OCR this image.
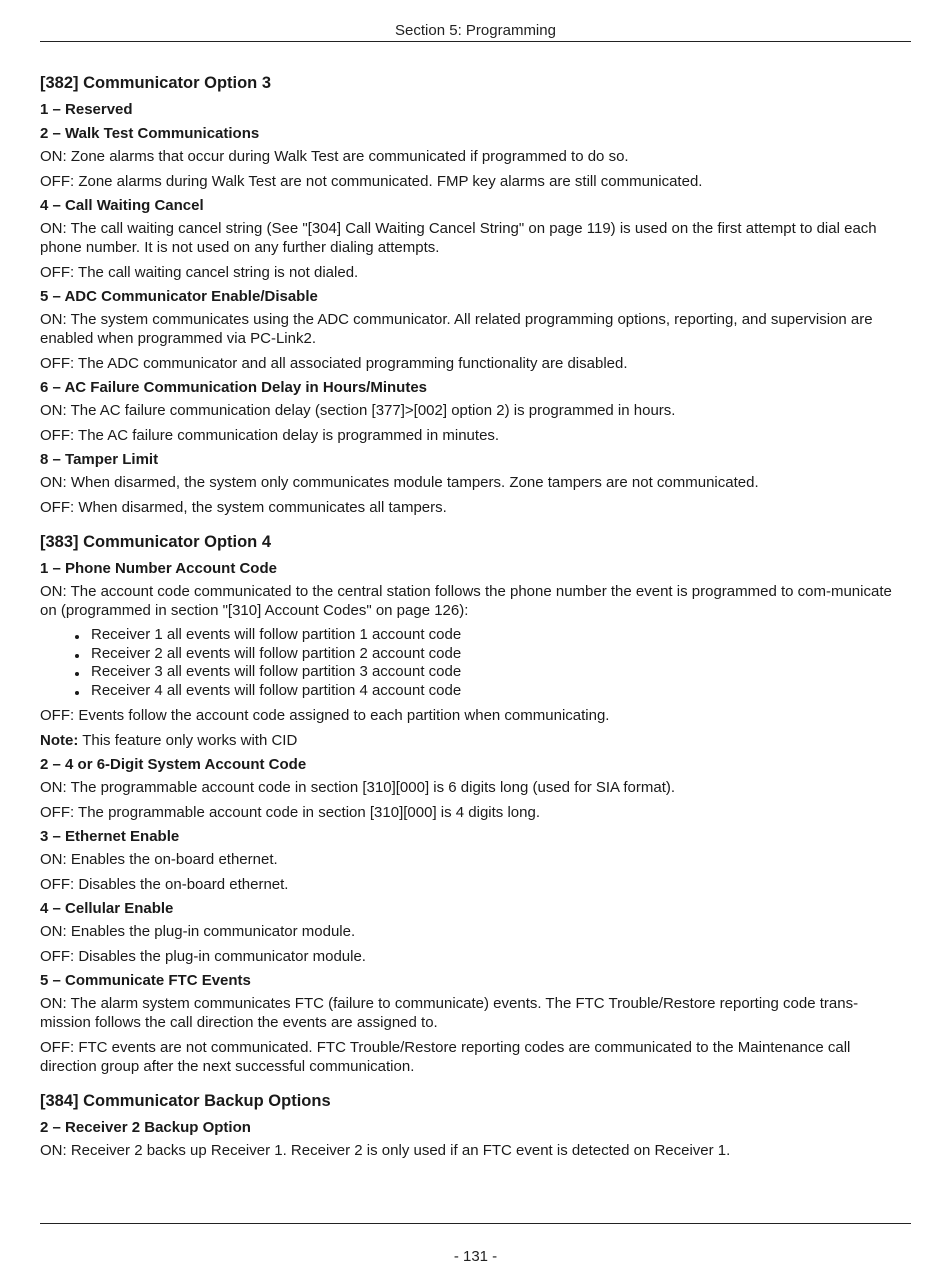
Section 5: Programming
[382] Communicator Option 3
1 – Reserved
2 – Walk Test Communications

ON: Zone alarms that occur during Walk Test are communicated if programmed to do so.

OFF: Zone alarms during Walk Test are not communicated. FMP key alarms are still communicated.

4 – Call Waiting Cancel

ON: The call waiting cancel string (See "[304] Call Waiting Cancel String" on page 119) is used on the first attempt to dial each phone number. It is not used on any further dialing attempts.

OFF: The call waiting cancel string is not dialed.

5 – ADC Communicator Enable/Disable

ON: The system communicates using the ADC communicator. All related programming options, reporting, and supervision are enabled when programmed via PC-Link2.

OFF: The ADC communicator and all associated programming functionality are disabled.

6 – AC Failure Communication Delay in Hours/Minutes

ON: The AC failure communication delay (section [377]>[002] option 2) is programmed in hours.

OFF: The AC failure communication delay is programmed in minutes.

8 – Tamper Limit

ON: When disarmed, the system only communicates module tampers. Zone tampers are not communicated.

OFF: When disarmed, the system communicates all tampers.

[383] Communicator Option 4
1 – Phone Number Account Code

ON: The account code communicated to the central station follows the phone number the event is programmed to com-municate on (programmed in section "[310] Account Codes" on page 126):

Receiver 1 all events will follow partition 1 account code
Receiver 2 all events will follow partition 2 account code
Receiver 3 all events will follow partition 3 account code
Receiver 4 all events will follow partition 4 account code

OFF: Events follow the account code assigned to each partition when communicating.

Note: This feature only works with CID

2 – 4 or 6-Digit System Account Code

ON: The programmable account code in section [310][000] is 6 digits long (used for SIA format).

OFF: The programmable account code in section [310][000] is 4 digits long.

3 – Ethernet Enable

ON: Enables the on-board ethernet.

OFF: Disables the on-board ethernet.

4 – Cellular Enable

ON: Enables the plug-in communicator module.

OFF: Disables the plug-in communicator module.

5 – Communicate FTC Events

ON: The alarm system communicates FTC (failure to communicate) events. The FTC Trouble/Restore reporting code trans-mission follows the call direction the events are assigned to.

OFF: FTC events are not communicated. FTC Trouble/Restore reporting codes are communicated to the Maintenance call direction group after the next successful communication.

[384] Communicator Backup Options
2 – Receiver 2 Backup Option

ON: Receiver 2 backs up Receiver 1. Receiver 2 is only used if an FTC event is detected on Receiver 1.

- 131 -
